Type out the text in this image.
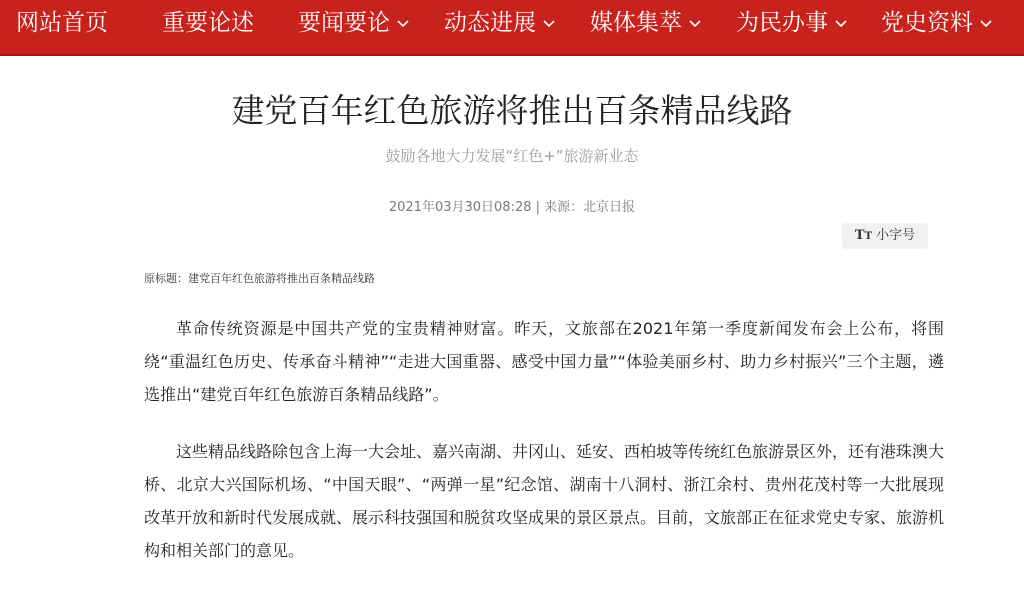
网站首页 重要论述 要闻要论	动态进展	媒体集萃	为民办事	党史资料
建党百年红色旅游将推出百条精品线路
鼓励各地大力发展“红色+”旅游新业态
2021年03月30日08:28 | 来源：北京日报
TT 小字号
原标题：建党百年红色旅游将推出百条精品线路

革命传统资源是中国共产党的宝贵精神财富。昨天，文旅部在2021年第一季度新闻发布会上公布，将围绕“重温红色历史、传承奋斗精神”“走进大国重器、感受中国力量”“体验美丽乡村、助力乡村振兴”三个主题，遴选推出“建党百年红色旅游百条精品线路”。

这些精品线路除包含上海一大会址、嘉兴南湖、井冈山、延安、西柏坡等传统红色旅游景区外，还有港珠澳大桥、北京大兴国际机场、“中国天眼”、“两弹一星”纪念馆、湖南十八洞村、浙江余村、贵州花茂村等一大批展现改革开放和新时代发展成就、展示科技强国和脱贫攻坚成果的景区景点。目前，文旅部正在征求党史专家、旅游机构和相关部门的意见。
